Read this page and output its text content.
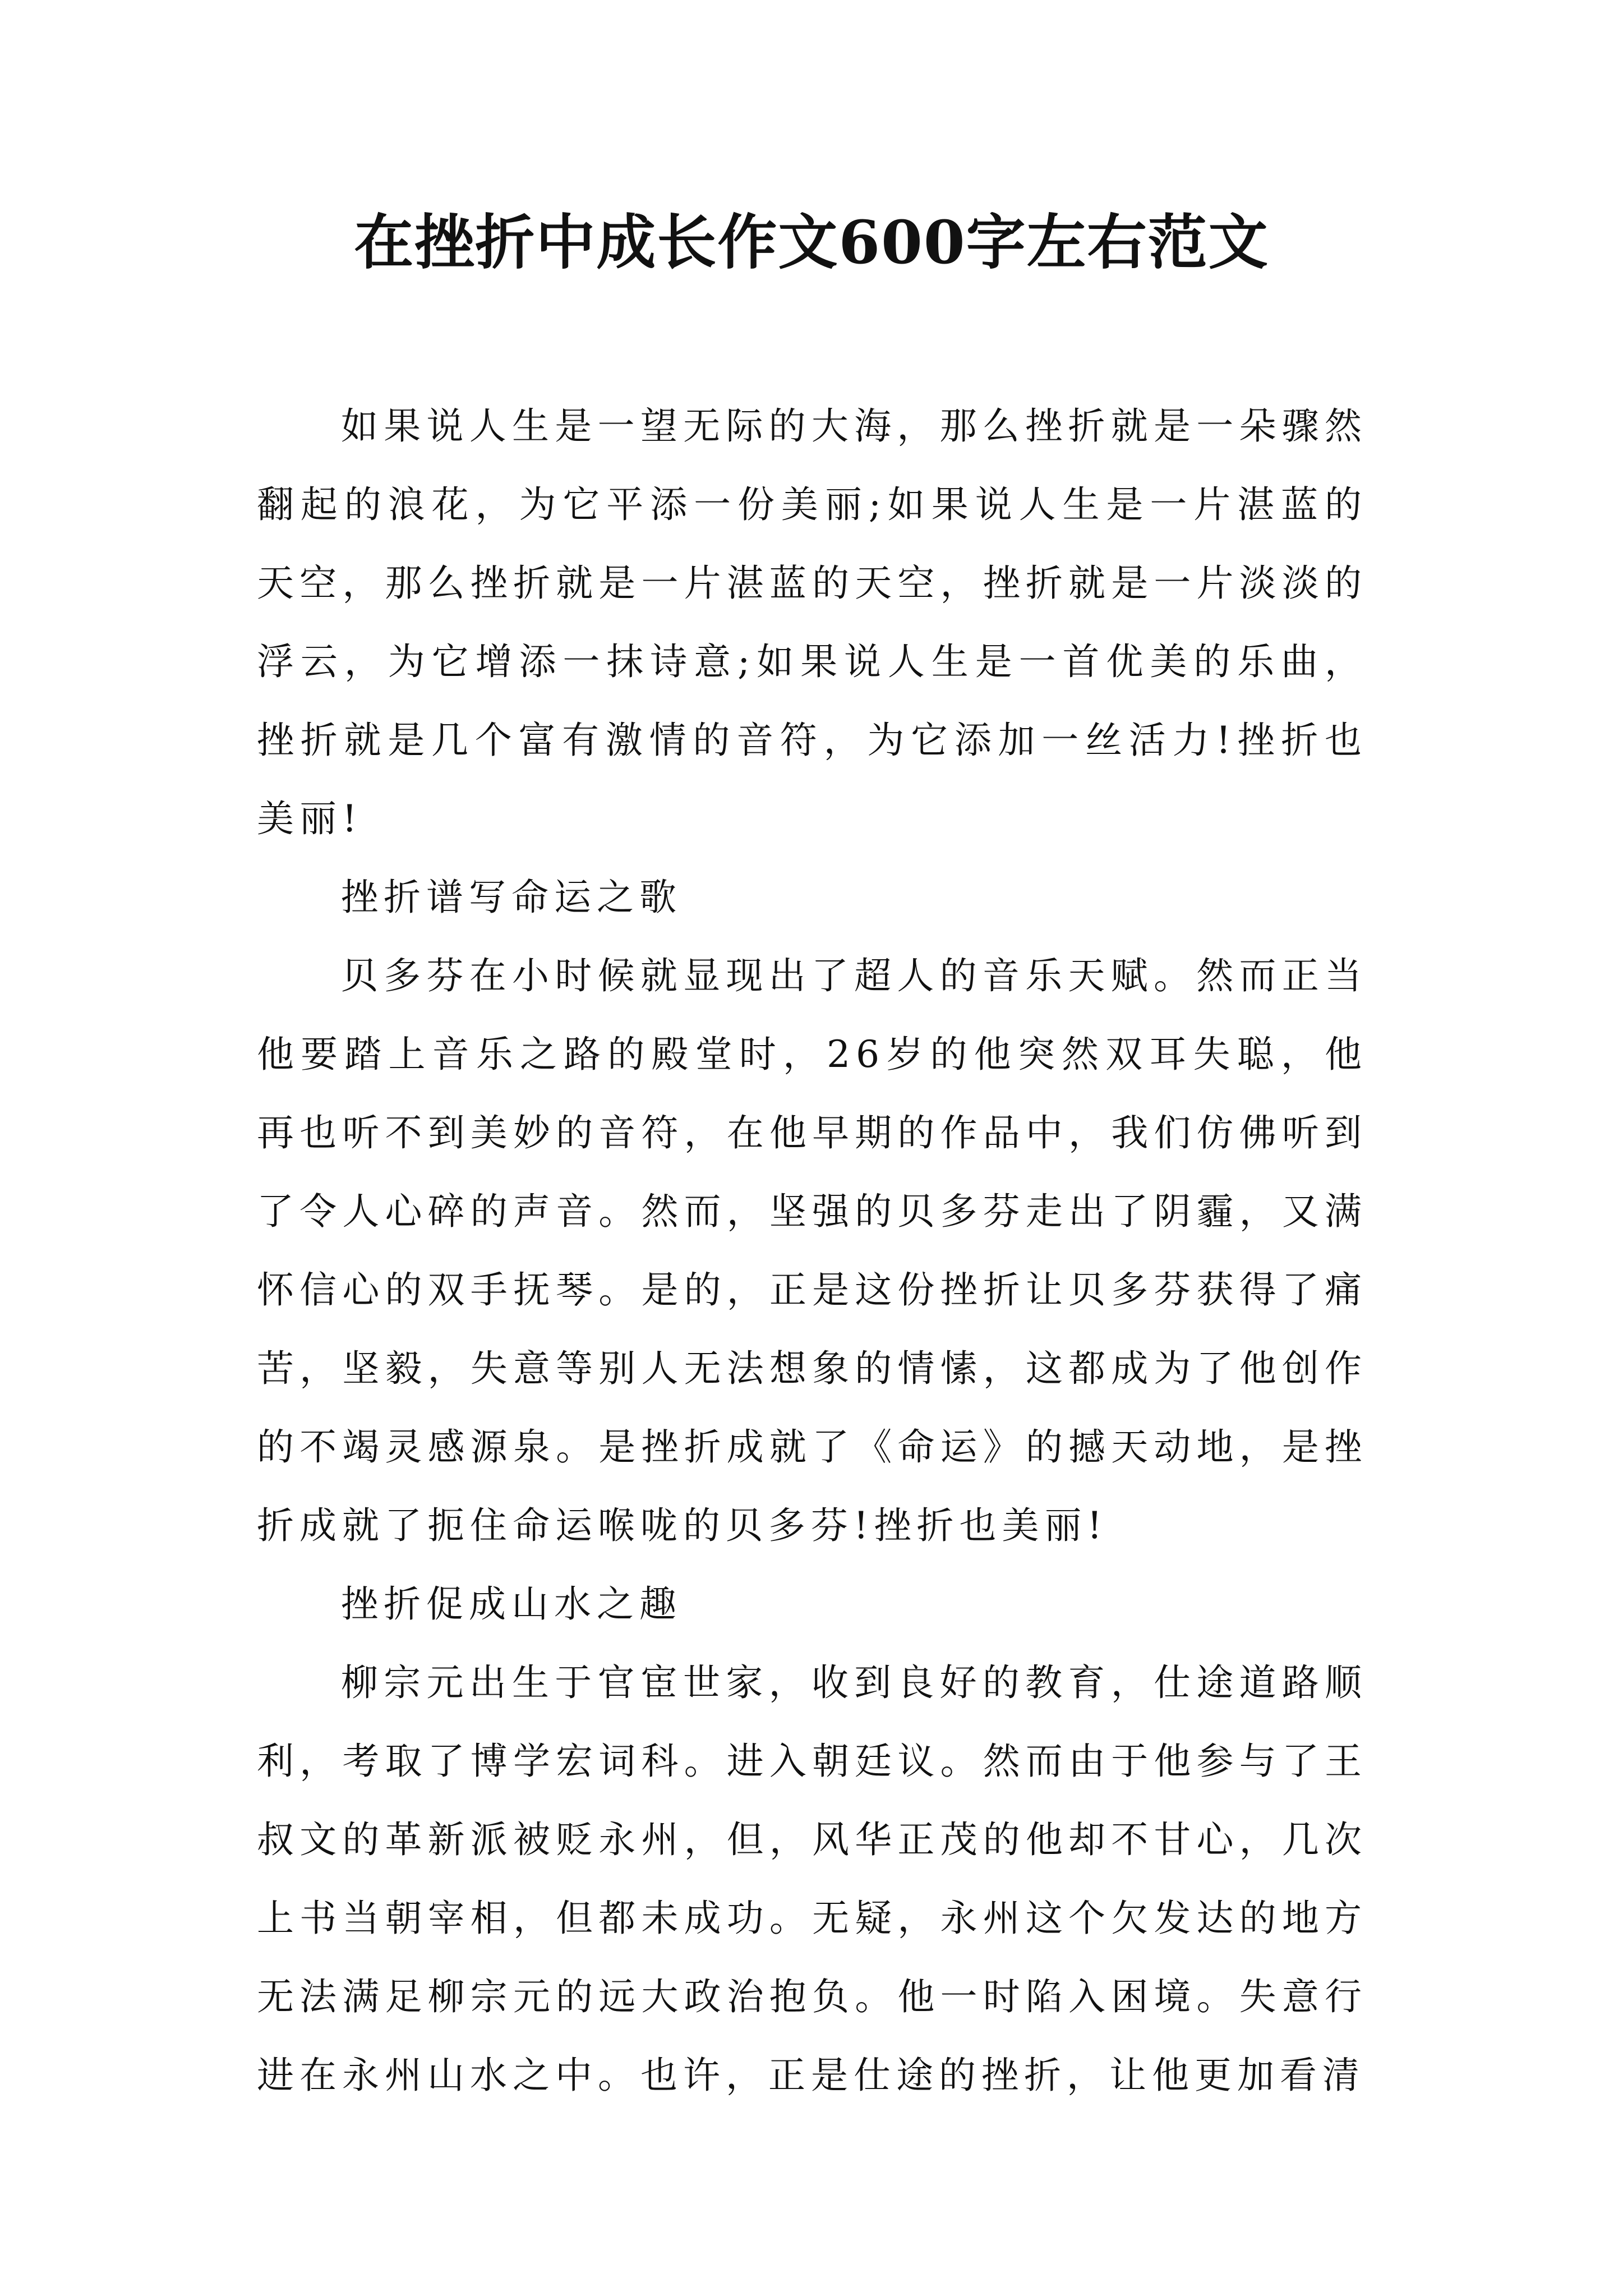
在挫折中成长作文600字左右范文

如果说人生是一望无际的大海，那么挫折就是一朵骤然翻起的浪花，为它平添一份美丽;如果说人生是一片湛蓝的天空，那么挫折就是一片湛蓝的天空，挫折就是一片淡淡的浮云，为它增添一抹诗意;如果说人生是一首优美的乐曲，挫折就是几个富有激情的音符，为它添加一丝活力!挫折也美丽!

挫折谱写命运之歌

贝多芬在小时候就显现出了超人的音乐天赋。然而正当他要踏上音乐之路的殿堂时，26岁的他突然双耳失聪，他再也听不到美妙的音符，在他早期的作品中，我们仿佛听到了令人心碎的声音。然而，坚强的贝多芬走出了阴霾，又满怀信心的双手抚琴。是的，正是这份挫折让贝多芬获得了痛苦，坚毅，失意等别人无法想象的情愫，这都成为了他创作的不竭灵感源泉。是挫折成就了《命运》的撼天动地，是挫折成就了扼住命运喉咙的贝多芬!挫折也美丽!

挫折促成山水之趣

柳宗元出生于官宦世家，收到良好的教育，仕途道路顺利，考取了博学宏词科。进入朝廷议。然而由于他参与了王叔文的革新派被贬永州，但，风华正茂的他却不甘心，几次上书当朝宰相，但都未成功。无疑，永州这个欠发达的地方无法满足柳宗元的远大政治抱负。他一时陷入困境。失意行进在永州山水之中。也许，正是仕途的挫折，让他更加看清
